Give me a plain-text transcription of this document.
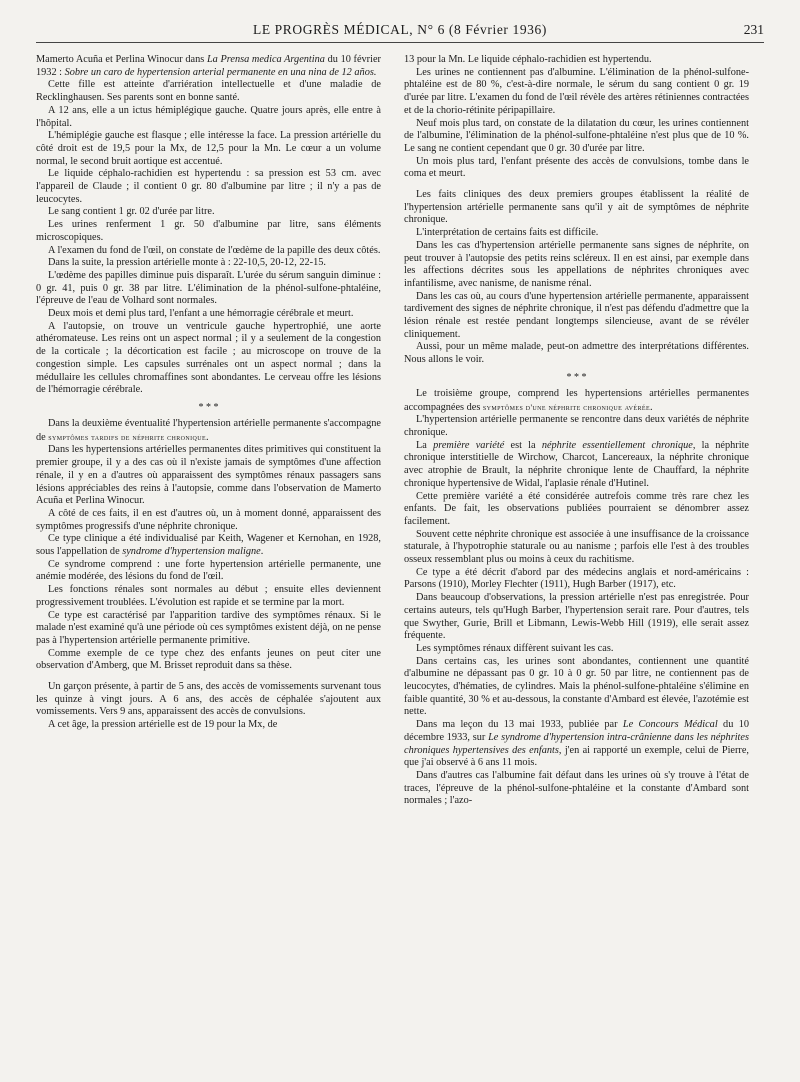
LE PROGRÈS MÉDICAL, N° 6 (8 Février 1936)	231

Mamerto Acuña et Perlina Winocur dans La Prensa medica Argentina du 10 février 1932 : Sobre un caro de hypertension arterial permanente en una nina de 12 años.

Cette fille est atteinte d'arriération intellectuelle et d'une maladie de Recklinghausen. Ses parents sont en bonne santé.

A 12 ans, elle a un ictus hémiplégique gauche. Quatre jours après, elle entre à l'hôpital.

L'hémiplégie gauche est flasque ; elle intéresse la face. La pression artérielle du côté droit est de 19,5 pour la Mx, de 12,5 pour la Mn. Le cœur a un volume normal, le second bruit aortique est accentué.

Le liquide céphalo-rachidien est hypertendu : sa pression est 53 cm. avec l'appareil de Claude ; il contient 0 gr. 80 d'albumine par litre ; il n'y a pas de leucocytes.

Le sang contient 1 gr. 02 d'urée par litre.

Les urines renferment 1 gr. 50 d'albumine par litre, sans éléments microscopiques.

A l'examen du fond de l'œil, on constate de l'œdème de la papille des deux côtés.

Dans la suite, la pression artérielle monte à : 22-10,5, 20-12, 22-15.

L'œdème des papilles diminue puis disparaît. L'urée du sérum sanguin diminue : 0 gr. 41, puis 0 gr. 38 par litre. L'élimination de la phénol-sulfone-phtaléine, l'épreuve de l'eau de Volhard sont normales.

Deux mois et demi plus tard, l'enfant a une hémorragie cérébrale et meurt.

A l'autopsie, on trouve un ventricule gauche hypertrophié, une aorte athéromateuse. Les reins ont un aspect normal ; il y a seulement de la congestion de la corticale ; la décortication est facile ; au microscope on trouve de la congestion simple. Les capsules surrénales ont un aspect normal ; dans la médullaire les cellules chromaffines sont abondantes. Le cerveau offre les lésions de l'hémorragie cérébrale.

* * *

Dans la deuxième éventualité l'hypertension artérielle permanente s'accompagne de symptômes tardifs de néphrite chronique.

Dans les hypertensions artérielles permanentes dites primitives qui constituent la premier groupe, il y a des cas où il n'existe jamais de symptômes d'une affection rénale, il y en a d'autres où apparaissent des symptômes rénaux passagers sans lésions appréciables des reins à l'autopsie, comme dans l'observation de Mamerto Acuña et Perlina Winocur.

A côté de ces faits, il en est d'autres où, un à moment donné, apparaissent des symptômes progressifs d'une néphrite chronique.

Ce type clinique a été individualisé par Keith, Wagener et Kernohan, en 1928, sous l'appellation de syndrome d'hypertension maligne.

Ce syndrome comprend : une forte hypertension artérielle permanente, une anémie modérée, des lésions du fond de l'œil.

Les fonctions rénales sont normales au début ; ensuite elles deviennent progressivement troublées. L'évolution est rapide et se termine par la mort.

Ce type est caractérisé par l'apparition tardive des symptômes rénaux. Si le malade n'est examiné qu'à une période où ces symptômes existent déjà, on ne pense pas à l'hypertension artérielle permanente primitive.

Comme exemple de ce type chez des enfants jeunes on peut citer une observation d'Amberg, que M. Brisset reproduit dans sa thèse.

Un garçon présente, à partir de 5 ans, des accès de vomissements survenant tous les quinze à vingt jours. A 6 ans, des accès de céphalée s'ajoutent aux vomissements. Vers 9 ans, apparaissent des accès de convulsions.

A cet âge, la pression artérielle est de 19 pour la Mx, de

13 pour la Mn. Le liquide céphalo-rachidien est hypertendu.

Les urines ne contiennent pas d'albumine. L'élimination de la phénol-sulfone-phtaléine est de 80 %, c'est-à-dire normale, le sérum du sang contient 0 gr. 19 d'urée par litre. L'examen du fond de l'œil révèle des artères rétiniennes contractées et de la chorio-rétinite péripapillaire.

Neuf mois plus tard, on constate de la dilatation du cœur, les urines contiennent de l'albumine, l'élimination de la phénol-sulfone-phtaléine n'est plus que de 10 %. Le sang ne contient cependant que 0 gr. 30 d'urée par litre.

Un mois plus tard, l'enfant présente des accès de convulsions, tombe dans le coma et meurt.

Les faits cliniques des deux premiers groupes établissent la réalité de l'hypertension artérielle permanente sans qu'il y ait de symptômes de néphrite chronique.

L'interprétation de certains faits est difficile.

Dans les cas d'hypertension artérielle permanente sans signes de néphrite, on peut trouver à l'autopsie des petits reins scléreux. Il en est ainsi, par exemple dans les affections décrites sous les appellations de néphrites chroniques avec infantilisme, avec nanisme, de nanisme rénal.

Dans les cas où, au cours d'une hypertension artérielle permanente, apparaissent tardivement des signes de néphrite chronique, il n'est pas défendu d'admettre que la lésion rénale est restée pendant longtemps silencieuse, avant de se révéler cliniquement.

Aussi, pour un même malade, peut-on admettre des interprétations différentes. Nous allons le voir.

* * *

Le troisième groupe, comprend les hypertensions artérielles permanentes accompagnées des symptômes d'une néphrite chronique avérée.

L'hypertension artérielle permanente se rencontre dans deux variétés de néphrite chronique.

La première variété est la néphrite essentiellement chronique, la néphrite chronique interstitielle de Wirchow, Charcot, Lancereaux, la néphrite chronique avec atrophie de Brault, la néphrite chronique lente de Chauffard, la néphrite chronique hypertensive de Widal, l'aplasie rénale d'Hutinel.

Cette première variété a été considérée autrefois comme très rare chez les enfants. De fait, les observations publiées pourraient se dénombrer assez facilement.

Souvent cette néphrite chronique est associée à une insuffisance de la croissance staturale, à l'hypotrophie staturale ou au nanisme ; parfois elle l'est à des troubles osseux ressemblant plus ou moins à ceux du rachitisme.

Ce type a été décrit d'abord par des médecins anglais et nord-américains : Parsons (1910), Morley Flechter (1911), Hugh Barber (1917), etc.

Dans beaucoup d'observations, la pression artérielle n'est pas enregistrée. Pour certains auteurs, tels qu'Hugh Barber, l'hypertension serait rare. Pour d'autres, tels que Swyther, Gurie, Brill et Libmann, Lewis-Webb Hill (1919), elle serait assez fréquente.

Les symptômes rénaux diffèrent suivant les cas.

Dans certains cas, les urines sont abondantes, contiennent une quantité d'albumine ne dépassant pas 0 gr. 10 à 0 gr. 50 par litre, ne contiennent pas de leucocytes, d'hématies, de cylindres. Mais la phénol-sulfone-phtaléine s'élimine en faible quantité, 30 % et au-dessous, la constante d'Ambard est élevée, l'azotémie est nette.

Dans ma leçon du 13 mai 1933, publiée par Le Concours Médical du 10 décembre 1933, sur Le syndrome d'hypertension intra-crânienne dans les néphrites chroniques hypertensives des enfants, j'en ai rapporté un exemple, celui de Pierre, que j'ai observé à 6 ans 11 mois.

Dans d'autres cas l'albumine fait défaut dans les urines où s'y trouve à l'état de traces, l'épreuve de la phénol-sulfone-phtaléine et la constante d'Ambard sont normales ; l'azo-
